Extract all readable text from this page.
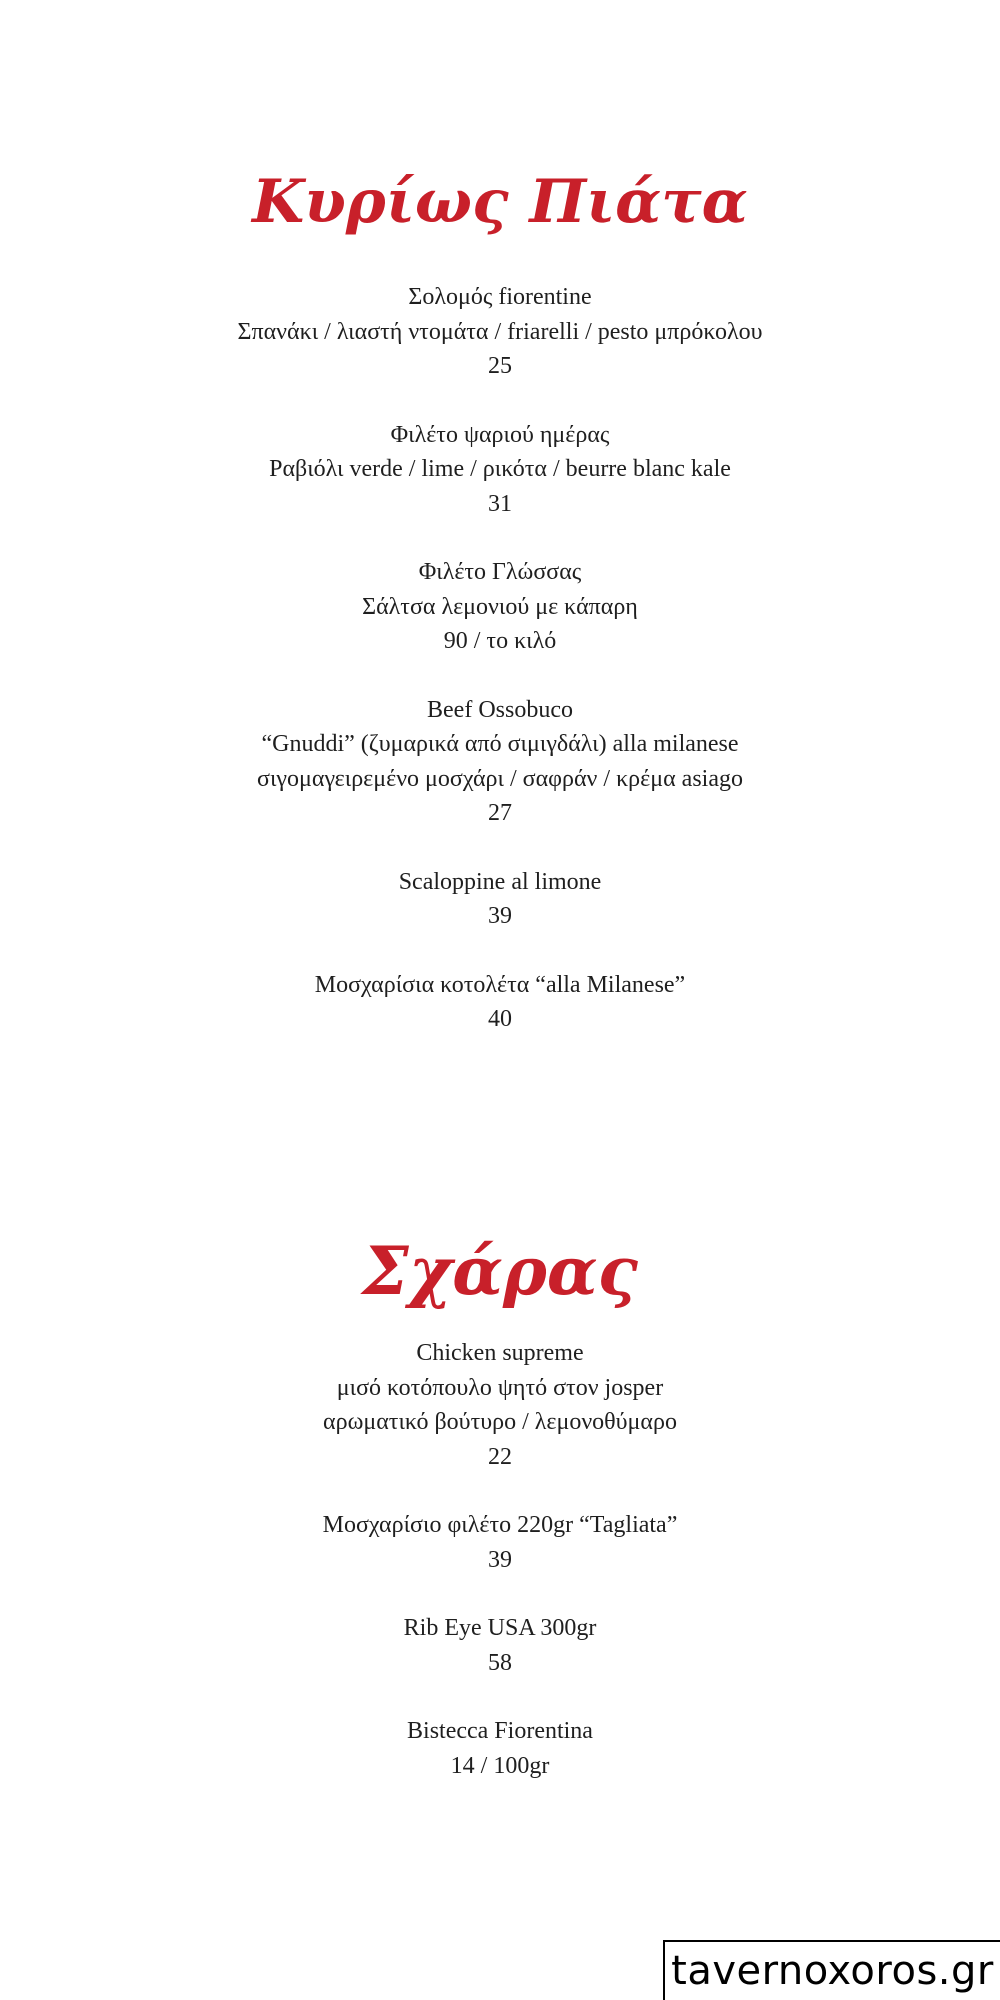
Κυρίως Πιάτα
Σολομός fiorentine
Σπανάκι / λιαστή ντομάτα / friarelli / pesto μπρόκολου
25
Φιλέτο ψαριού ημέρας
Ραβιόλι verde / lime / ρικότα / beurre blanc kale
31
Φιλέτο Γλώσσας
Σάλτσα λεμονιού με κάπαρη
90 / το κιλό
Beef Ossobuco
“Gnuddi” (ζυμαρικά από σιμιγδάλι) alla milanese
σιγομαγειρεμένο μοσχάρι / σαφράν / κρέμα asiago
27
Scaloppine al limone
39
Μοσχαρίσια κοτολέτα “alla Milanese”
40
Σχάρας
Chicken supreme
μισό κοτόπουλο ψητό στον josper
αρωματικό βούτυρο / λεμονοθύμαρο
22
Μοσχαρίσιο φιλέτο 220gr “Tagliata”
39
Rib Eye USA 300gr
58
Bistecca Fiorentina
14 / 100gr
tavernoxoros.gr
